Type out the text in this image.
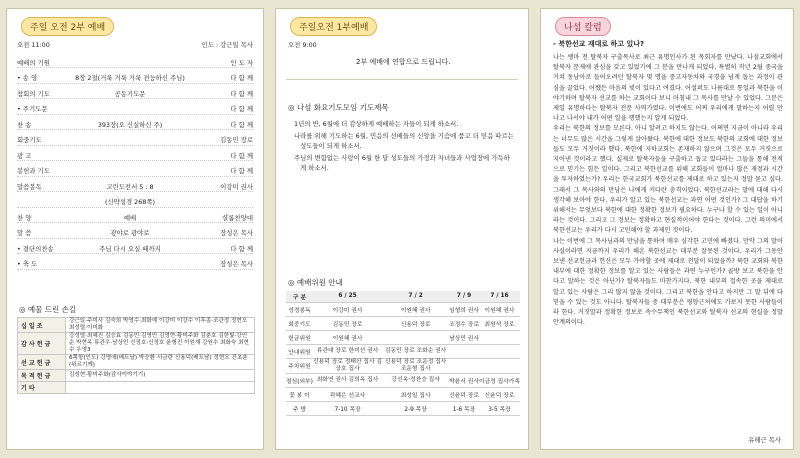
주일 오전 2부 예배
오전 11:00	인도 : 강근일 목사
예배의 기원	인 도 자
• 송 영	8장 2절(거룩 거룩 거룩 전능하신 주님)	다 함 께
참회의 기도	공동기도문	다 함 께
• 주기도문	다 함 께
찬 송	393장(오 신실하신 주)	다 함 께
회중기도	김동민 장로
광 고	다 함 께
봉헌과 기도	다 함 께
말씀봉독	고린도전서 5 : 8	이강미 권사
(신약성경 268쪽)
찬 양	예배	샬롬찬양대
말 씀	광야로 광야로	장성은 목사
• 결단의찬송	주님 다시 오실 때까지	다 함 께
• 축 도	장성은 목사
◎ 예물 드린 손길
십 일 조	강근일·주미사 김숙희 박영수·최화예 이강미 이강수 이후종·조관정 정현오 최성렬·이미화
감 사 헌 금	강성렬·최혜진 김승효 김동민·김영민 김영현·황미주화 김춘호 김한빛·강인순 박현옥 류관우·남상민 신정호·신정호 윤형진 이원재 강원수 최화숙 최현수 우영3
선 교 헌 금	6쪽항(인도) 강명애(베트남) 박승환 서금란 신용덕(베트남) 정현오 진초춘(위르기께)
목 적 헌 금	김성현·황미주화(감사이야기기)
기 타	
주일오전 1부예배
오전 9:00
2부 예배에 연합으로 드립니다.
◎ 나섬 화요기도모임 기도제목
1년의 반, 6월에 더 감상하게 예배하는 자들이 되게 하소서.
나라를 위해 기도하는 6월, 민음의 선배들의 신앙을 기슴에 품고 더 믿음 따르는 성도들이 되게 하소서.
주님의 변함없는 사랑이 6월 한 달 성도들의 가정과 자녀들과 사업장에 가득하게 하소서.
◎ 예배위원 안내
구 분	6 / 25	7 / 2	7 / 9	7 / 16
성경봉독	이강미 권사	이원혜 권사	임형희 권사	이원혜 권사
회중기도	김동민 장로	신용덕 장로	조정수 장로	최원석 장로
헌금위원	이원혜 권사		남상민 권사	
안내위원	류관대 장로 한미선 권사	김동민 장로 조화순 권사		
주차위원	신용덕 장로 정태산 집사 김상호 집사	신용덕 장로 조운정 집사 조운형 집사		
점심(외부)	최화연 권사 김희옥 집사	강선옥·정찬승 집사	박윤서 권사	이금정 집사가족
꽃 봉 이	곽혜은 선교사	최성일 집사	신윤덕 장로	신윤덕 장로
주 방	7-10 목장	2-9 목장	1-6 목장	3-5 목장
나섬 칼럼
- 북한선교 재대로 하고 있나?

나는 쌩마 전 탈북자 구출목사로 최근 유명인사가 된 목회자를 만났다. 나섬교회에서 탈북자 문제에 관심을 갖고 있었기에 그 분을 만나게 되었다. 특별히 작년 2월 중국을 거쳐 동남아로 들어오려던 탈북자 몇 명을 중고자동차와 국경을 넘게 돕는 과정이 관심을 끌었다. 어쨌든 마음의 빚이 있다고 여겼다. 어설퍼도 나름대로 통일과 북한을 이야기하며 탈북자 선교를 하는 교회이다 보니 마침내 그 목사를 만날 수 있었다. 그분은 제일 유명하다는 탈북자 전문 사역가였다. 이번에도 어찌 우리에게 말하는지 어릴 만나고 나서야 내가 어떤 일을 행했는지 알게 되었다.

우리는 북한의 정보를 모른다. 아니 알려고 하지도 않는다. 어쩌면 지금이 아니라 우리는 너무도 많은 시간을 그렇게 살아왔다. 북한에 대한 정보도 북한의 교회에 대한 정보들도 모두 거짓이라 했다. 북한에 지하교회는 존재하지 않으며 그것은 모두 거짓으로 지어낸 것이라고 했다. 실제로 탈북자들을 구출하고 돕고 있다라는 그들을 통해 전적으로 믿기는 힘든 일이다. 그리고 북한선교를 위해 교회들이 얼마나 많은 재정과 시간을 투자하였는가? 우리는 한국교회가 북한선교를 제대로 하고 있는지 정말 묻고 싶다. 그래서 그 목사와의 만남은 나에게 커다란 충격이었다. 북한선교라는 말에 대해 다시 생각해 보아야 한다. 우리가 알고 있는 북한선교는 과연 어떤 것인가? 그 대답을 하기 위해서는 무엇보다 북한에 대한 정확한 정보가 필요하다. 누구나 할 수 있는 일이 아니라는 것이다. 그리고 그 정보는 정확하고 현실적이어야 한다는 것이다. 그런 의미에서 북한선교는 우리가 다시 고민해야 할 과제인 것이다.

나는 이번에 그 목사님과의 만남을 통하여 매우 심각한 고민에 빠졌다. 만약 그의 말이 사실이라면 지금까지 우리가 해온 북한선교는 대부분 잘못된 것이다. 우리가 그동안 보낸 선교헌금과 헌신은 모두 가야할 곳에 제대로 전달이 되었을까? 북한 교회와 북한 내부에 대한 정확한 정보를 알고 있는 사람들은 과연 누구인가? 골방 보고 북한을 안다고 말하는 것은 아닌가? 탈북자들도 마찬가지다. 북한 내부의 접속한 곳을 제대로 알고 있는 사람은 그리 많지 않을 것이다. 그리고 북한을 안다고 하지만 그 말 뒤에 다 믿을 수 있는 것도 아니다. 탈북자들 중 대부분은 평양근처에도 가보지 못한 사람들이라 한다. 거짓말과 정확한 정보로 속수무책인 북한선교와 탈북자 선교의 현실을 정말 안계의이다.

유해근 목사
